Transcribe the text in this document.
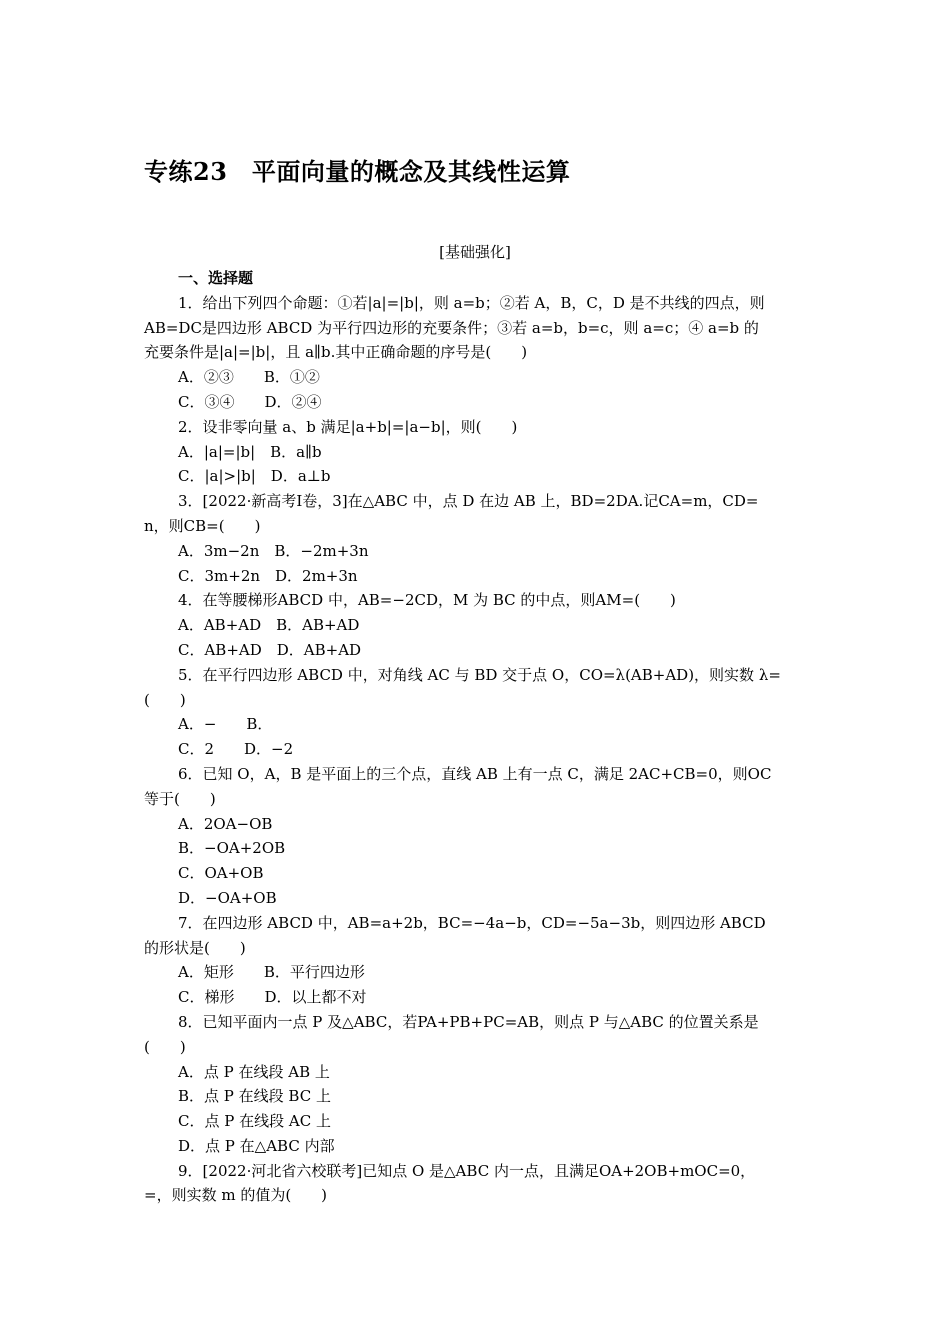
专练23　平面向量的概念及其线性运算
[基础强化]
一、选择题
1．给出下列四个命题：①若|a|=|b|，则 a=b；②若 A，B，C，D 是不共线的四点，则
AB=DC是四边形 ABCD 为平行四边形的充要条件；③若 a=b，b=c，则 a=c；④ a=b 的
充要条件是|a|=|b|，且 a∥b.其中正确命题的序号是(　　)
A．②③　　B．①②
C．③④　　D．②④
2．设非零向量 a、b 满足|a+b|=|a−b|，则(　　)
A．|a|=|b|　B．a∥b
C．|a|>|b|　D．a⊥b
3．[2022·新高考Ⅰ卷，3]在△ABC 中，点 D 在边 AB 上，BD=2DA.记CA=m，CD=
n，则CB=(　　)
A．3m−2n　B．−2m+3n
C．3m+2n　D．2m+3n
4．在等腰梯形ABCD 中，AB=−2CD，M 为 BC 的中点，则AM=(　　)
A．AB+AD　B．AB+AD
C．AB+AD　D．AB+AD
5．在平行四边形 ABCD 中，对角线 AC 与 BD 交于点 O，CO=λ(AB+AD)，则实数 λ=
(　　)
A．−　　B．
C．2　　D．−2
6．已知 O，A，B 是平面上的三个点，直线 AB 上有一点 C，满足 2AC+CB=0，则OC
等于(　　)
A．2OA−OB
B．−OA+2OB
C．OA+OB
D．−OA+OB
7．在四边形 ABCD 中，AB=a+2b，BC=−4a−b，CD=−5a−3b，则四边形 ABCD
的形状是(　　)
A．矩形　　B．平行四边形
C．梯形　　D．以上都不对
8．已知平面内一点 P 及△ABC，若PA+PB+PC=AB，则点 P 与△ABC 的位置关系是
(　　)
A．点 P 在线段 AB 上
B．点 P 在线段 BC 上
C．点 P 在线段 AC 上
D．点 P 在△ABC 内部
9．[2022·河北省六校联考]已知点 O 是△ABC 内一点，且满足OA+2OB+mOC=0，
=，则实数 m 的值为(　　)
